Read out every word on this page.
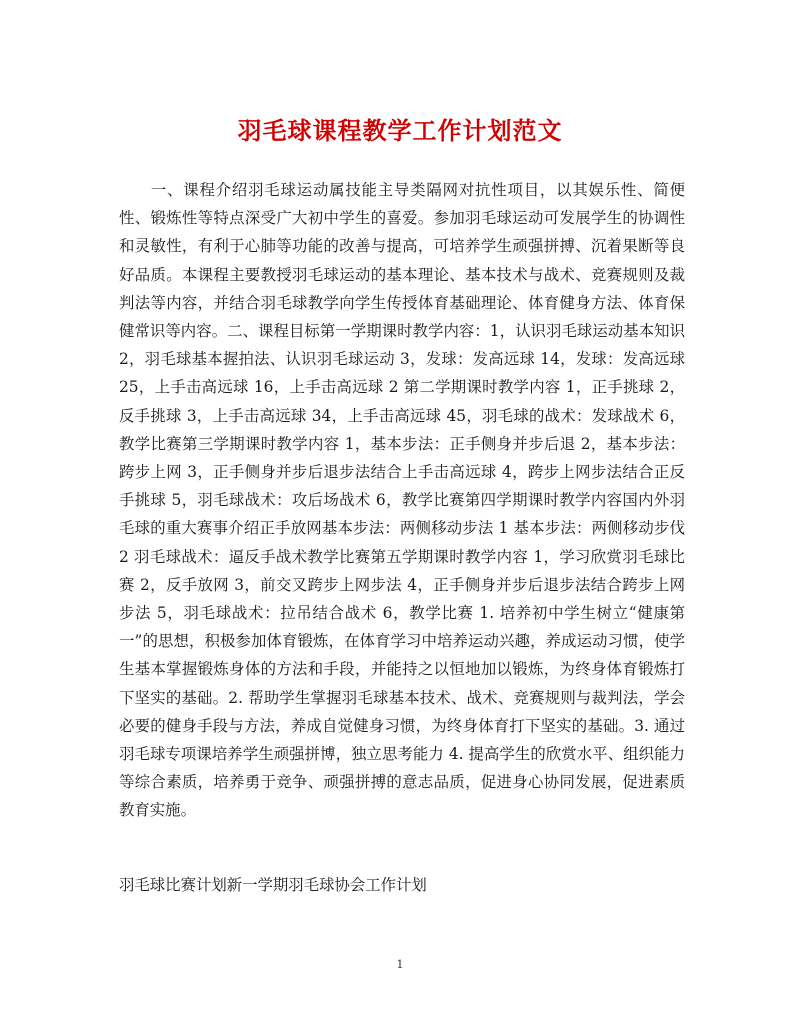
羽毛球课程教学工作计划范文

一、课程介绍羽毛球运动属技能主导类隔网对抗性项目，以其娱乐性、简便性、锻炼性等特点深受广大初中学生的喜爱。参加羽毛球运动可发展学生的协调性和灵敏性，有利于心肺等功能的改善与提高，可培养学生顽强拼搏、沉着果断等良好品质。本课程主要教授羽毛球运动的基本理论、基本技术与战术、竞赛规则及裁判法等内容，并结合羽毛球教学向学生传授体育基础理论、体育健身方法、体育保健常识等内容。二、课程目标第一学期课时教学内容：1，认识羽毛球运动基本知识 2，羽毛球基本握拍法、认识羽毛球运动 3，发球：发高远球 14，发球：发高远球 25，上手击高远球 16，上手击高远球 2 第二学期课时教学内容 1，正手挑球 2，反手挑球 3，上手击高远球 34，上手击高远球 45，羽毛球的战术：发球战术 6，教学比赛第三学期课时教学内容 1，基本步法：正手侧身并步后退 2，基本步法：跨步上网 3，正手侧身并步后退步法结合上手击高远球 4，跨步上网步法结合正反手挑球 5，羽毛球战术：攻后场战术 6，教学比赛第四学期课时教学内容国内外羽毛球的重大赛事介绍正手放网基本步法：两侧移动步法 1 基本步法：两侧移动步伐 2 羽毛球战术：逼反手战术教学比赛第五学期课时教学内容 1，学习欣赏羽毛球比赛 2，反手放网 3，前交叉跨步上网步法 4，正手侧身并步后退步法结合跨步上网步法 5，羽毛球战术：拉吊结合战术 6，教学比赛 1. 培养初中学生树立“健康第一”的思想，积极参加体育锻炼，在体育学习中培养运动兴趣，养成运动习惯，使学生基本掌握锻炼身体的方法和手段，并能持之以恒地加以锻炼，为终身体育锻炼打下坚实的基础。2. 帮助学生掌握羽毛球基本技术、战术、竞赛规则与裁判法，学会必要的健身手段与方法，养成自觉健身习惯，为终身体育打下坚实的基础。3. 通过羽毛球专项课培养学生顽强拼博，独立思考能力 4. 提高学生的欣赏水平、组织能力等综合素质，培养勇于竞争、顽强拼搏的意志品质，促进身心协同发展，促进素质教育实施。

羽毛球比赛计划新一学期羽毛球协会工作计划

1
